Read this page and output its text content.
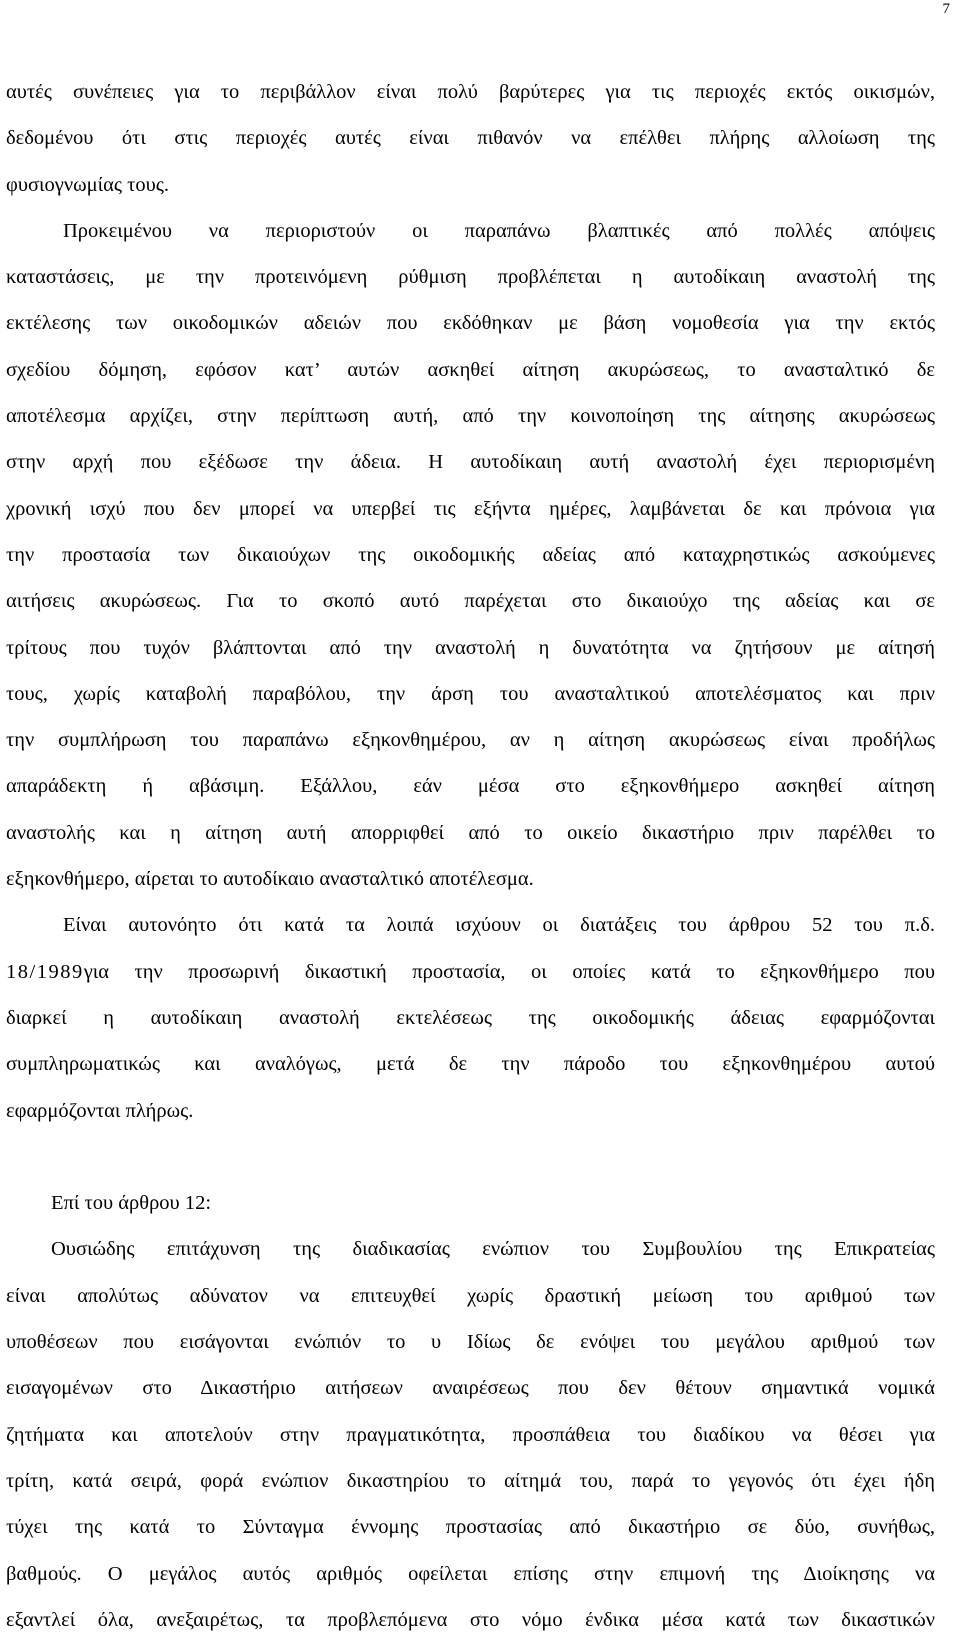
7
αυτές συνέπειες για το περιβάλλον είναι πολύ βαρύτερες για τις περιοχές εκτός οικισμών,
δεδομένου ότι στις περιοχές αυτές είναι πιθανόν να επέλθει πλήρης αλλοίωση της
φυσιογνωμίας τους.
Προκειμένου να περιοριστούν οι παραπάνω βλαπτικές από πολλές απόψεις
καταστάσεις, με την προτεινόμενη ρύθμιση προβλέπεται η αυτοδίκαιη αναστολή της
εκτέλεσης των οικοδομικών αδειών που εκδόθηκαν με βάση νομοθεσία για την εκτός
σχεδίου δόμηση, εφόσον κατ’ αυτών ασκηθεί αίτηση ακυρώσεως, το ανασταλτικό δε
αποτέλεσμα αρχίζει, στην περίπτωση αυτή, από την κοινοποίηση της αίτησης ακυρώσεως
στην αρχή που εξέδωσε την άδεια. Η αυτοδίκαιη αυτή αναστολή έχει περιορισμένη
χρονική ισχύ που δεν μπορεί να υπερβεί τις εξήντα ημέρες, λαμβάνεται δε και πρόνοια για
την προστασία των δικαιούχων της οικοδομικής αδείας από καταχρηστικώς ασκούμενες
αιτήσεις ακυρώσεως. Για το σκοπό αυτό παρέχεται στο δικαιούχο της αδείας και σε
τρίτους που τυχόν βλάπτονται από την αναστολή η δυνατότητα να ζητήσουν με αίτησή
τους, χωρίς καταβολή παραβόλου, την άρση του ανασταλτικού αποτελέσματος και πριν
την συμπλήρωση του παραπάνω εξηκονθημέρου, αν η αίτηση ακυρώσεως είναι προδήλως
απαράδεκτη ή αβάσιμη. Εξάλλου, εάν μέσα στο εξηκονθήμερο ασκηθεί αίτηση
αναστολής και η αίτηση αυτή απορριφθεί από το οικείο δικαστήριο πριν παρέλθει το
εξηκονθήμερο, αίρεται το αυτοδίκαιο ανασταλτικό αποτέλεσμα.
Είναι αυτονόητο ότι κατά τα λοιπά ισχύουν οι διατάξεις του άρθρου 52 του π.δ.
18/1989για την προσωρινή δικαστική προστασία, οι οποίες κατά το εξηκονθήμερο που
διαρκεί η αυτοδίκαιη αναστολή εκτελέσεως της οικοδομικής άδειας εφαρμόζονται
συμπληρωματικώς και αναλόγως, μετά δε την πάροδο του εξηκονθημέρου αυτού
εφαρμόζονται πλήρως.
Επί του άρθρου 12:
Ουσιώδης επιτάχυνση της διαδικασίας ενώπιον του Συμβουλίου της Επικρατείας
είναι απολύτως αδύνατον να επιτευχθεί χωρίς δραστική μείωση του αριθμού των
υποθέσεων που εισάγονται ενώπιόν το υ Ιδίως δε ενόψει του μεγάλου αριθμού των
εισαγομένων στο Δικαστήριο αιτήσεων αναιρέσεως που δεν θέτουν σημαντικά νομικά
ζητήματα και αποτελούν στην πραγματικότητα, προσπάθεια του διαδίκου να θέσει για
τρίτη, κατά σειρά, φορά ενώπιον δικαστηρίου το αίτημά του, παρά το γεγονός ότι έχει ήδη
τύχει της κατά το Σύνταγμα έννομης προστασίας από δικαστήριο σε δύο, συνήθως,
βαθμούς. Ο μεγάλος αυτός αριθμός οφείλεται επίσης στην επιμονή της Διοίκησης να
εξαντλεί όλα, ανεξαιρέτως, τα προβλεπόμενα στο νόμο ένδικα μέσα κατά των δικαστικών
